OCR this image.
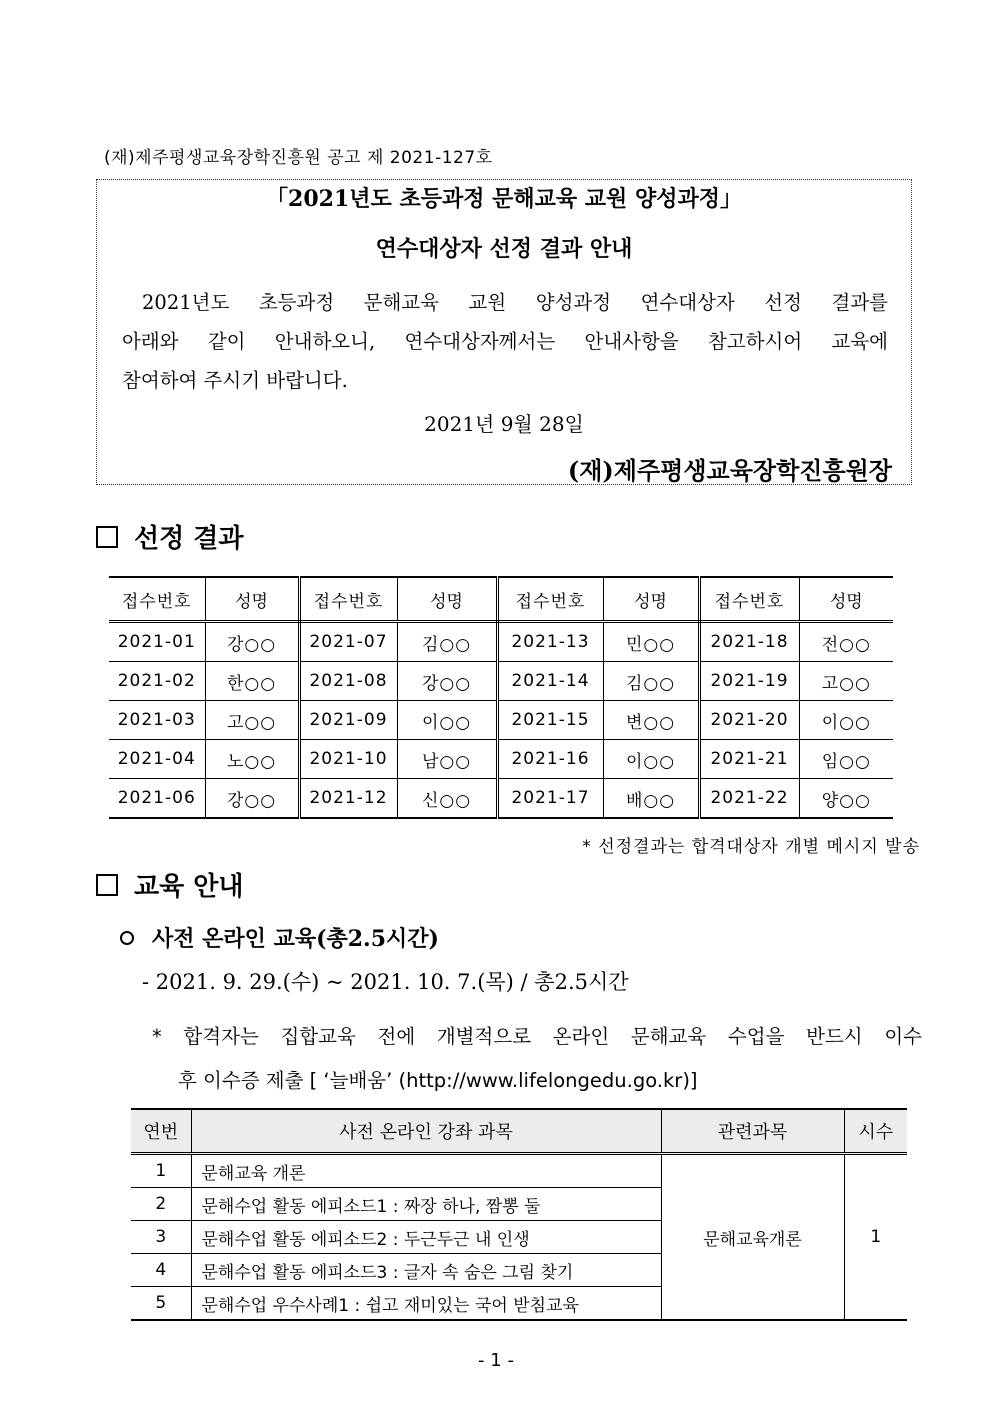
(재)제주평생교육장학진흥원 공고 제 2021-127호
「2021년도 초등과정 문해교육 교원 양성과정」
연수대상자 선정 결과 안내
2021년도 초등과정 문해교육 교원 양성과정 연수대상자 선정 결과를
아래와 같이 안내하오니, 연수대상자께서는 안내사항을 참고하시어 교육에
참여하여 주시기 바랍니다.
2021년 9월 28일
(재)제주평생교육장학진흥원장
선정 결과
접수번호	성명	접수번호	성명	접수번호	성명	접수번호	성명
2021-01	강○○	2021-07	김○○	2021-13	민○○	2021-18	전○○
2021-02	한○○	2021-08	강○○	2021-14	김○○	2021-19	고○○
2021-03	고○○	2021-09	이○○	2021-15	변○○	2021-20	이○○
2021-04	노○○	2021-10	남○○	2021-16	이○○	2021-21	임○○
2021-06	강○○	2021-12	신○○	2021-17	배○○	2021-22	양○○
* 선정결과는 합격대상자 개별 메시지 발송
교육 안내
사전 온라인 교육(총2.5시간)
- 2021. 9. 29.(수) ~ 2021. 10. 7.(목) / 총2.5시간
* 합격자는 집합교육 전에 개별적으로 온라인 문해교육 수업을 반드시 이수
후 이수증 제출 [ ‘늘배움’ (http://www.lifelongedu.go.kr)]
연번	사전 온라인 강좌 과목	관련과목	시수
1	문해교육 개론	문해교육개론	1
2	문해수업 활동 에피소드1 : 짜장 하나, 짬뽕 둘		
3	문해수업 활동 에피소드2 : 두근두근 내 인생		
4	문해수업 활동 에피소드3 : 글자 속 숨은 그림 찾기		
5	문해수업 우수사례1 : 쉽고 재미있는 국어 받침교육		
- 1 -
